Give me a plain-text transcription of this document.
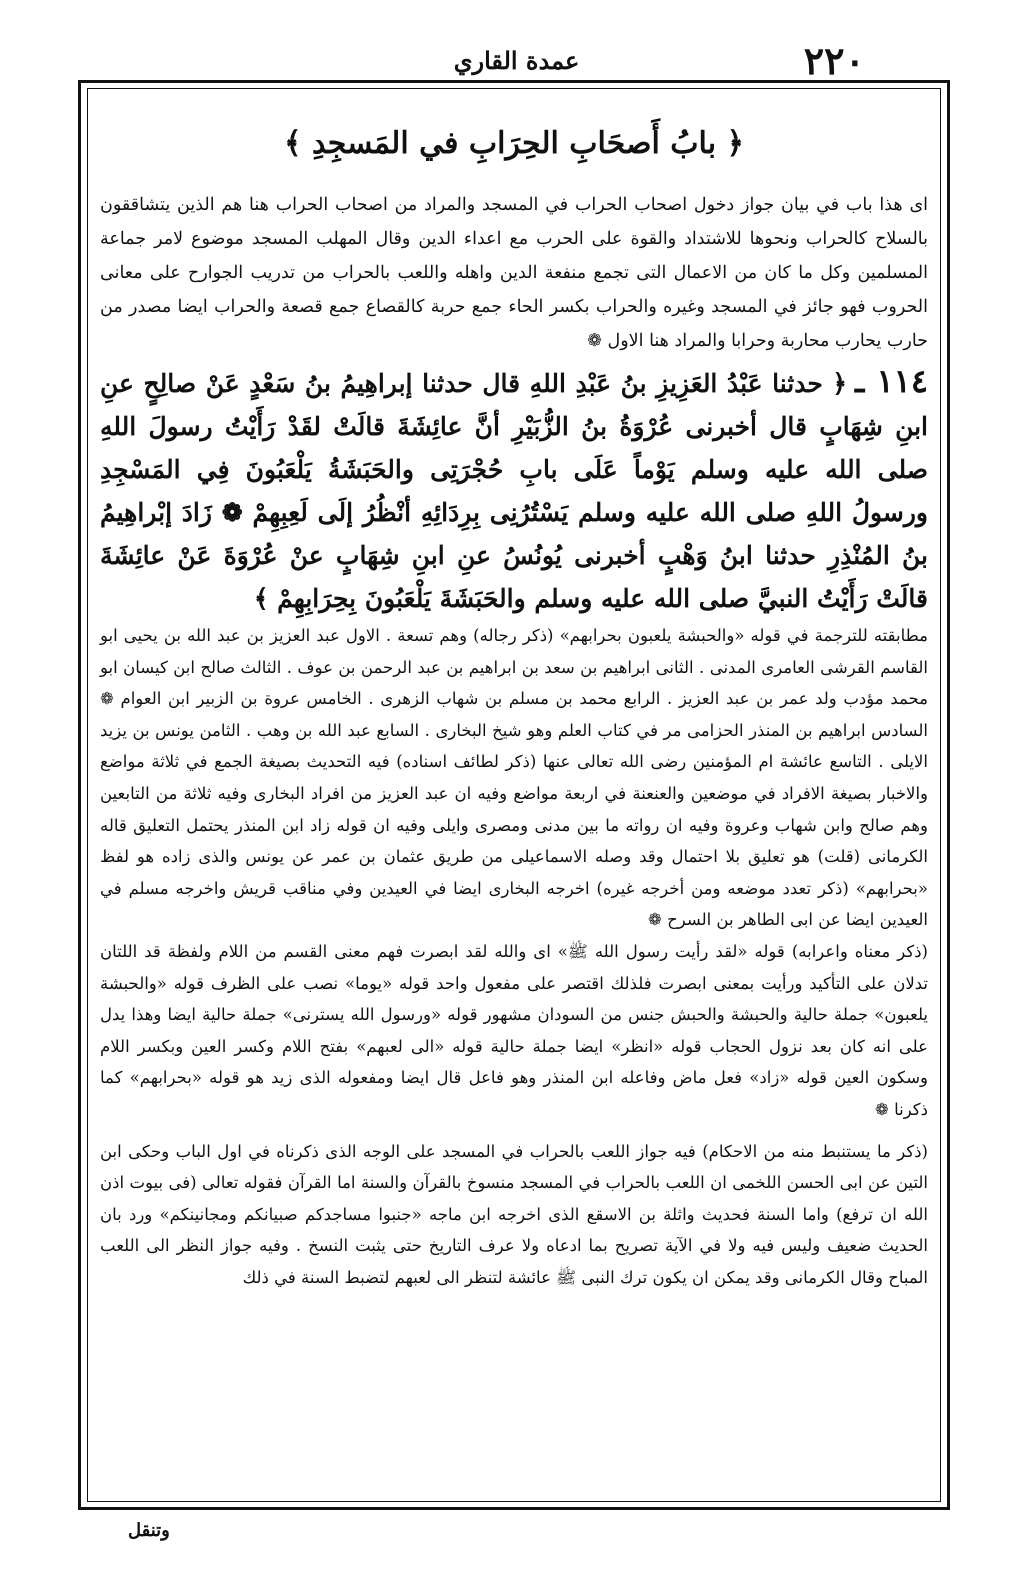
عمدة القاري	٢٢٠
﴿ بابُ أَصحَابِ الحِرَابِ في المَسجِدِ ﴾

اى هذا باب في بيان جواز دخول اصحاب الحراب في المسجد والمراد من اصحاب الحراب هنا هم الذين يتشاققون بالسلاح كالحراب ونحوها للاشتداد والقوة على الحرب مع اعداء الدين وقال المهلب المسجد موضوع لامر جماعة المسلمين وكل ما كان من الاعمال التى تجمع منفعة الدين واهله واللعب بالحراب من تدريب الجوارح على معانى الحروب فهو جائز في المسجد وغيره والحراب بكسر الحاء جمع حربة كالقصاع جمع قصعة والحراب ايضا مصدر من حارب يحارب محاربة وحرابا والمراد هنا الاول ❁

١١٤ ـ﴿ حدثنا عَبْدُ العَزِيزِ بنُ عَبْدِ اللهِ قال حدثنا إبراهِيمُ بنُ سَعْدٍ عَنْ صالِحٍ عنِ ابنِ شِهَابٍ قال أخبرنى عُرْوَةُ بنُ الزُّبَيْرِ أنَّ عائِشَةَ قالَتْ لقَدْ رَأَيْتُ رسولَ اللهِ صلى الله عليه وسلم يَوْماً عَلَى بابِ حُجْرَتِى والحَبَشَةُ يَلْعَبُونَ فِي المَسْجِدِ ورسولُ اللهِ صلى الله عليه وسلم يَسْتُرُنِى بِرِدَائِهِ أنْظُرُ إلَى لَعِبِهِمْ ❁ زَادَ إبْراهِيمُ بنُ المُنْذِرِ حدثنا ابنُ وَهْبٍ أخبرنى يُونُسُ عنِ ابنِ شِهَابٍ عنْ عُرْوَةَ عَنْ عائِشَةَ قالَتْ رَأَيْتُ النبيَّ صلى الله عليه وسلم والحَبَشَةَ يَلْعَبُونَ بِحِرَابِهِمْ ﴾

مطابقته للترجمة في قوله «والحبشة يلعبون بحرابهم» (ذكر رجاله) وهم تسعة . الاول عبد العزيز بن عبد الله بن يحيى ابو القاسم القرشى العامرى المدنى . الثانى ابراهيم بن سعد بن ابراهيم بن عبد الرحمن بن عوف . الثالث صالح ابن كيسان ابو محمد مؤدب ولد عمر بن عبد العزيز . الرابع محمد بن مسلم بن شهاب الزهرى . الخامس عروة بن الزبير ابن العوام ❁ السادس ابراهيم بن المنذر الحزامى مر في كتاب العلم وهو شيخ البخارى . السابع عبد الله بن وهب . الثامن يونس بن يزيد الايلى . التاسع عائشة ام المؤمنين رضى الله تعالى عنها (ذكر لطائف اسناده) فيه التحديث بصيغة الجمع في ثلاثة مواضع والاخبار بصيغة الافراد في موضعين والعنعنة في اربعة مواضع وفيه ان عبد العزيز من افراد البخارى وفيه ثلاثة من التابعين وهم صالح وابن شهاب وعروة وفيه ان رواته ما بين مدنى ومصرى وايلى وفيه ان قوله زاد ابن المنذر يحتمل التعليق قاله الكرمانى (قلت) هو تعليق بلا احتمال وقد وصله الاسماعيلى من طريق عثمان بن عمر عن يونس والذى زاده هو لفظ «بحرابهم» (ذكر تعدد موضعه ومن أخرجه غيره) اخرجه البخارى ايضا في العيدين وفي مناقب قريش واخرجه مسلم في العيدين ايضا عن ابى الطاهر بن السرح ❁

(ذكر معناه واعرابه) قوله «لقد رأيت رسول الله ﷺ» اى والله لقد ابصرت فهم معنى القسم من اللام ولفظة قد اللتان تدلان على التأكيد ورأيت بمعنى ابصرت فلذلك اقتصر على مفعول واحد قوله «يوما» نصب على الظرف قوله «والحبشة يلعبون» جملة حالية والحبشة والحبش جنس من السودان مشهور قوله «ورسول الله يسترنى» جملة حالية ايضا وهذا يدل على انه كان بعد نزول الحجاب قوله «انظر» ايضا جملة حالية قوله «الى لعبهم» بفتح اللام وكسر العين وبكسر اللام وسكون العين قوله «زاد» فعل ماض وفاعله ابن المنذر وهو فاعل قال ايضا ومفعوله الذى زيد هو قوله «بحرابهم» كما ذكرنا ❁

(ذكر ما يستنبط منه من الاحكام) فيه جواز اللعب بالحراب في المسجد على الوجه الذى ذكرناه في اول الباب وحكى ابن التين عن ابى الحسن اللخمى ان اللعب بالحراب في المسجد منسوخ بالقرآن والسنة اما القرآن فقوله تعالى (فى بيوت اذن الله ان ترفع) واما السنة فحديث واثلة بن الاسقع الذى اخرجه ابن ماجه «جنبوا مساجدكم صبيانكم ومجانينكم» ورد بان الحديث ضعيف وليس فيه ولا في الآية تصريح بما ادعاه ولا عرف التاريخ حتى يثبت النسخ . وفيه جواز النظر الى اللعب المباح وقال الكرمانى وقد يمكن ان يكون ترك النبى ﷺ عائشة لتنظر الى لعبهم لتضبط السنة في ذلك

وتنقل
